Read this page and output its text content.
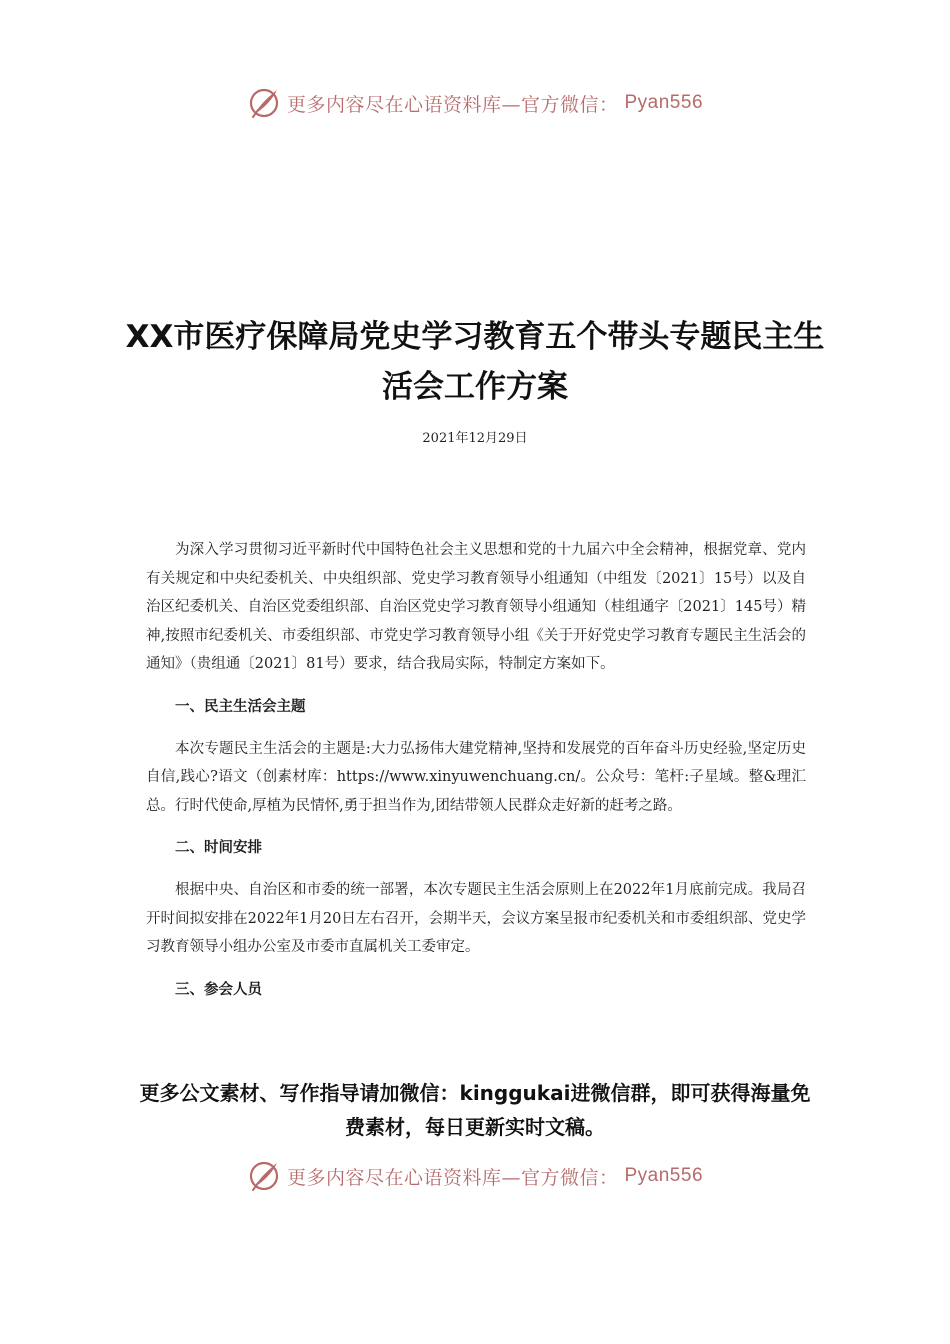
更多内容尽在心语资料库—官方微信： Pyan556
XX市医疗保障局党史学习教育五个带头专题民主生活会工作方案
2021年12月29日

为深入学习贯彻习近平新时代中国特色社会主义思想和党的十九届六中全会精神，根据党章、党内有关规定和中央纪委机关、中央组织部、党史学习教育领导小组通知（中组发〔2021〕15号）以及自治区纪委机关、自治区党委组织部、自治区党史学习教育领导小组通知（桂组通字〔2021〕145号）精神,按照市纪委机关、市委组织部、市党史学习教育领导小组《关于开好党史学习教育专题民主生活会的通知》（贵组通〔2021〕81号）要求，结合我局实际，特制定方案如下。

一、民主生活会主题

本次专题民主生活会的主题是:大力弘扬伟大建党精神,坚持和发展党的百年奋斗历史经验,坚定历史自信,践心?语文（创素材库：https://www.xinyuwenchuang.cn/。公众号：笔杆:子星域。整&理汇总。行时代使命,厚植为民情怀,勇于担当作为,团结带领人民群众走好新的赶考之路。

二、时间安排

根据中央、自治区和市委的统一部署，本次专题民主生活会原则上在2022年1月底前完成。我局召开时间拟安排在2022年1月20日左右召开，会期半天，会议方案呈报市纪委机关和市委组织部、党史学习教育领导小组办公室及市委市直属机关工委审定。

三、参会人员
更多公文素材、写作指导请加微信：kinggukai进微信群，即可获得海量免费素材，每日更新实时文稿。
更多内容尽在心语资料库—官方微信： Pyan556
